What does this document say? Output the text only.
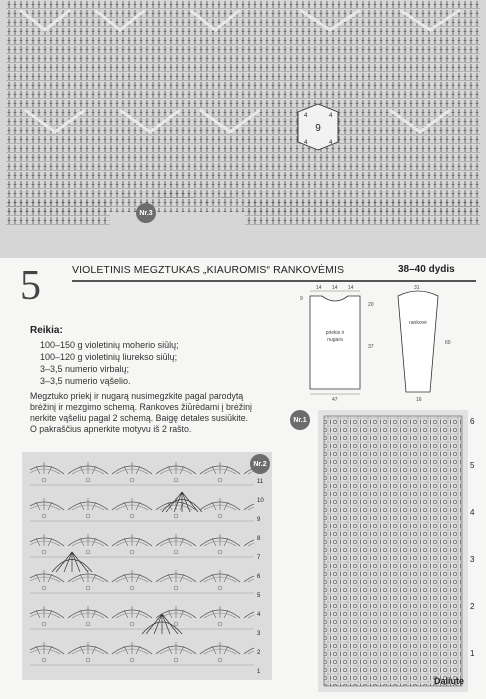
9
4	4
4	4
Nr.3
5	VIOLETINIS MEGZTUKAS „KIAUROMIS“ RANKOVĖMIS	38–40 dydis
14 14 14
9
20
37
47
priekis ir
nugara
31
60
16
rankovė
Reikia:
100–150 g violetinių moherio siūlų;
100–120 g violetinių liurekso siūlų;
3–3,5 numerio virbalų;
3–3,5 numerio vąšelio.
Megztuko priekį ir nugarą nusimegzkite pagal parodytą
brėžinį ir mezgimo schemą. Rankoves žiūrėdami į brėžinį
nerkite vąšeliu pagal 2 schemą. Baigę detales susiūkite.
O pakraščius apnerkite motyvu iš 2 rašto.
Nr.2
1
2
3
4
5
6
7
8
9
10
11
Nr.1
1
2
3
4
5
6
Daliute
